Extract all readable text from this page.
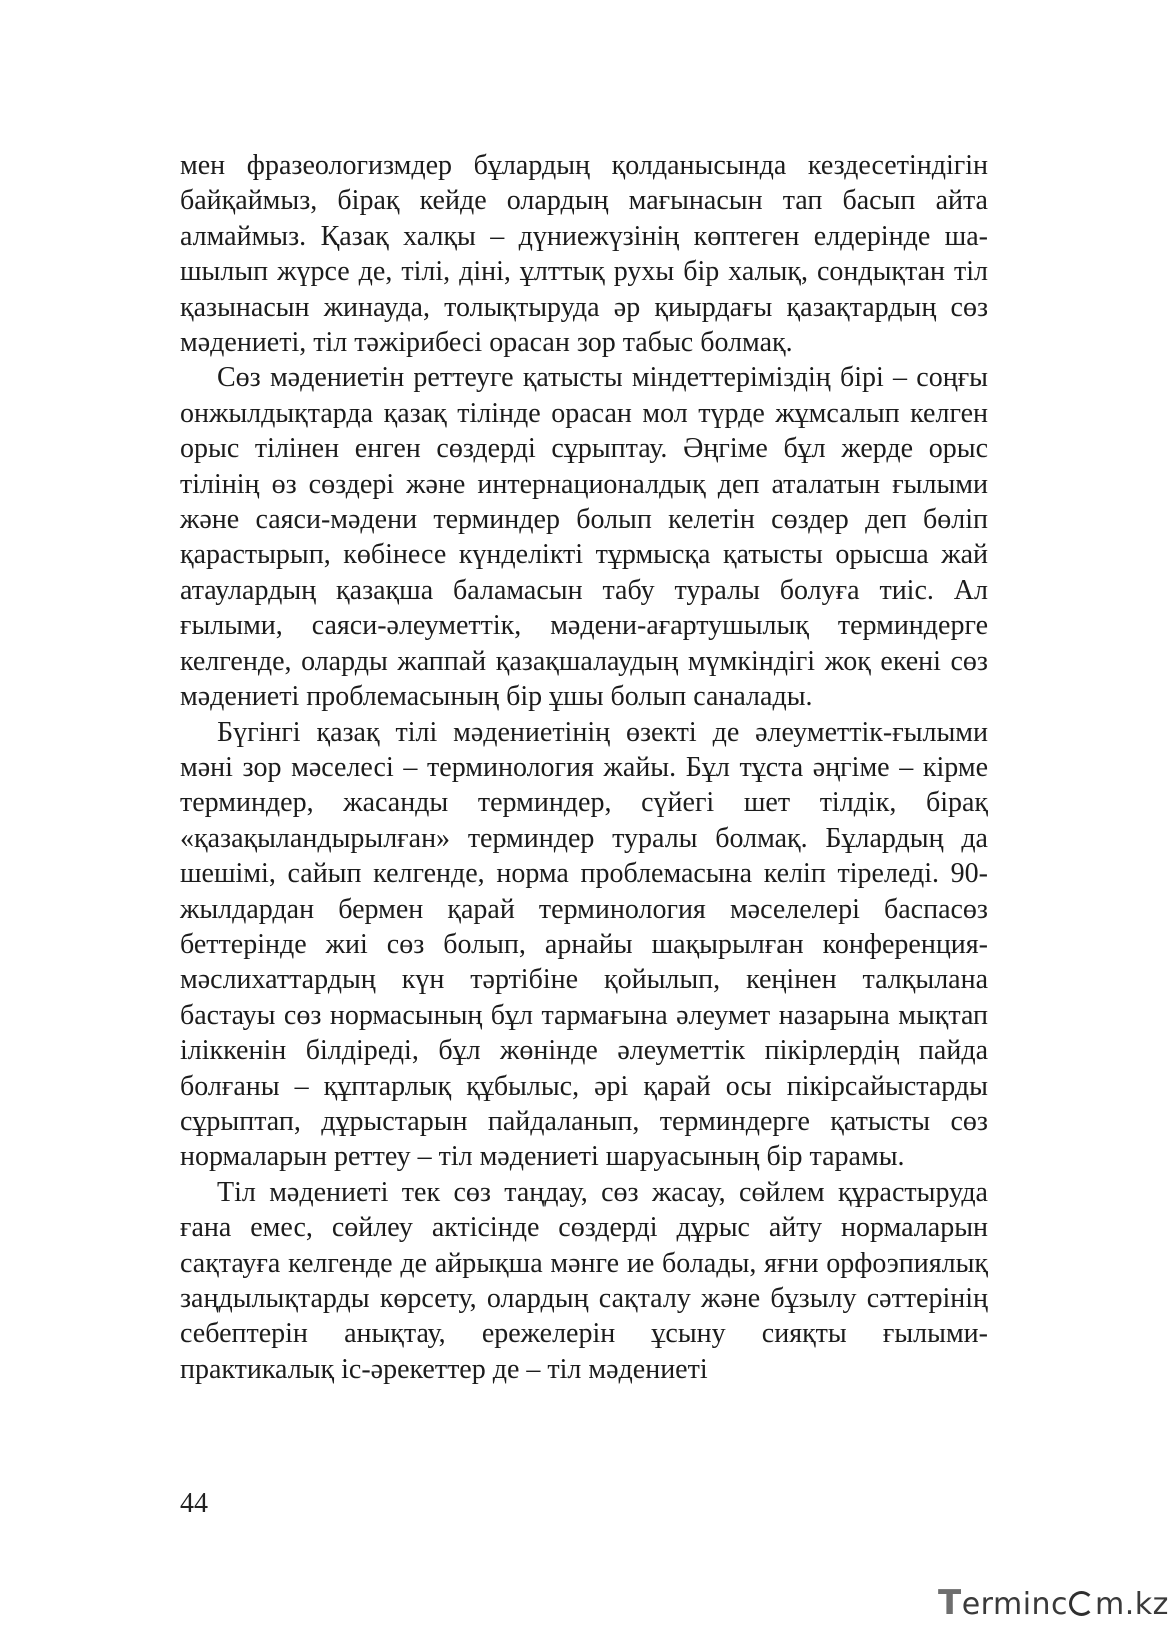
мен фразеологизмдер бұлардың қолданысында кездесетіндігін байқаймыз, бірақ кейде олардың мағынасын тап басып айта алмаймыз. Қазақ халқы – дүниежүзінің көптеген елдерінде шашылып жүрсе де, тілі, діні, ұлттық рухы бір халық, сондықтан тіл қазынасын жинауда, толықтыруда әр қиырдағы қазақтардың сөз мәдениеті, тіл тәжірибесі орасан зор табыс болмақ.

Сөз мәдениетін реттеуге қатысты міндеттеріміздің бірі – соңғы онжылдықтарда қазақ тілінде орасан мол түрде жұмсалып келген орыс тілінен енген сөздерді сұрыптау. Әңгіме бұл жерде орыс тілінің өз сөздері және интернационалдық деп аталатын ғылыми және саяси-мәдени терминдер болып келетін сөздер деп бөліп қарастырып, көбінесе күнделікті тұрмысқа қатысты орысша жай атаулардың қазақша баламасын табу туралы болуға тиіс. Ал ғылыми, саяси-әлеуметтік, мәдени-ағартушылық терминдерге келгенде, оларды жаппай қазақшалаудың мүмкіндігі жоқ екені сөз мәдениеті проблемасының бір ұшы болып саналады.

Бүгінгі қазақ тілі мәдениетінің өзекті де әлеуметтік-ғылыми мәні зор мәселесі – терминология жайы. Бұл тұста әңгіме – кірме терминдер, жасанды терминдер, сүйегі шет тілдік, бірақ «қазақыландырылған» терминдер туралы болмақ. Бұлардың да шешімі, сайып келгенде, норма проблемасына келіп тіреледі. 90-жылдардан бермен қарай терминология мәселелері баспасөз беттерінде жиі сөз болып, арнайы шақырылған конференция-мәслихаттардың күн тәртібіне қойылып, кеңінен талқылана бастауы сөз нормасының бұл тармағына әлеумет назарына мықтап іліккенін білдіреді, бұл жөнінде әлеуметтік пікірлердің пайда болғаны – құптарлық құбылыс, әрі қарай осы пікірсайыстарды сұрыптап, дұрыстарын пайдаланып, терминдерге қатысты сөз нормаларын реттеу – тіл мәдениеті шаруасының бір тарамы.

Тіл мәдениеті тек сөз таңдау, сөз жасау, сөйлем құрастыруда ғана емес, сөйлеу актісінде сөздерді дұрыс айту нормаларын сақтауға келгенде де айрықша мәнге ие болады, яғни орфоэпиялық заңдылықтарды көрсету, олардың сақталу және бұзылу сәттерінің себептерін анықтау, ережелерін ұсыну сияқты ғылыми-практикалық іс-әрекеттер де – тіл мәдениеті

44
Terminc m.kz
